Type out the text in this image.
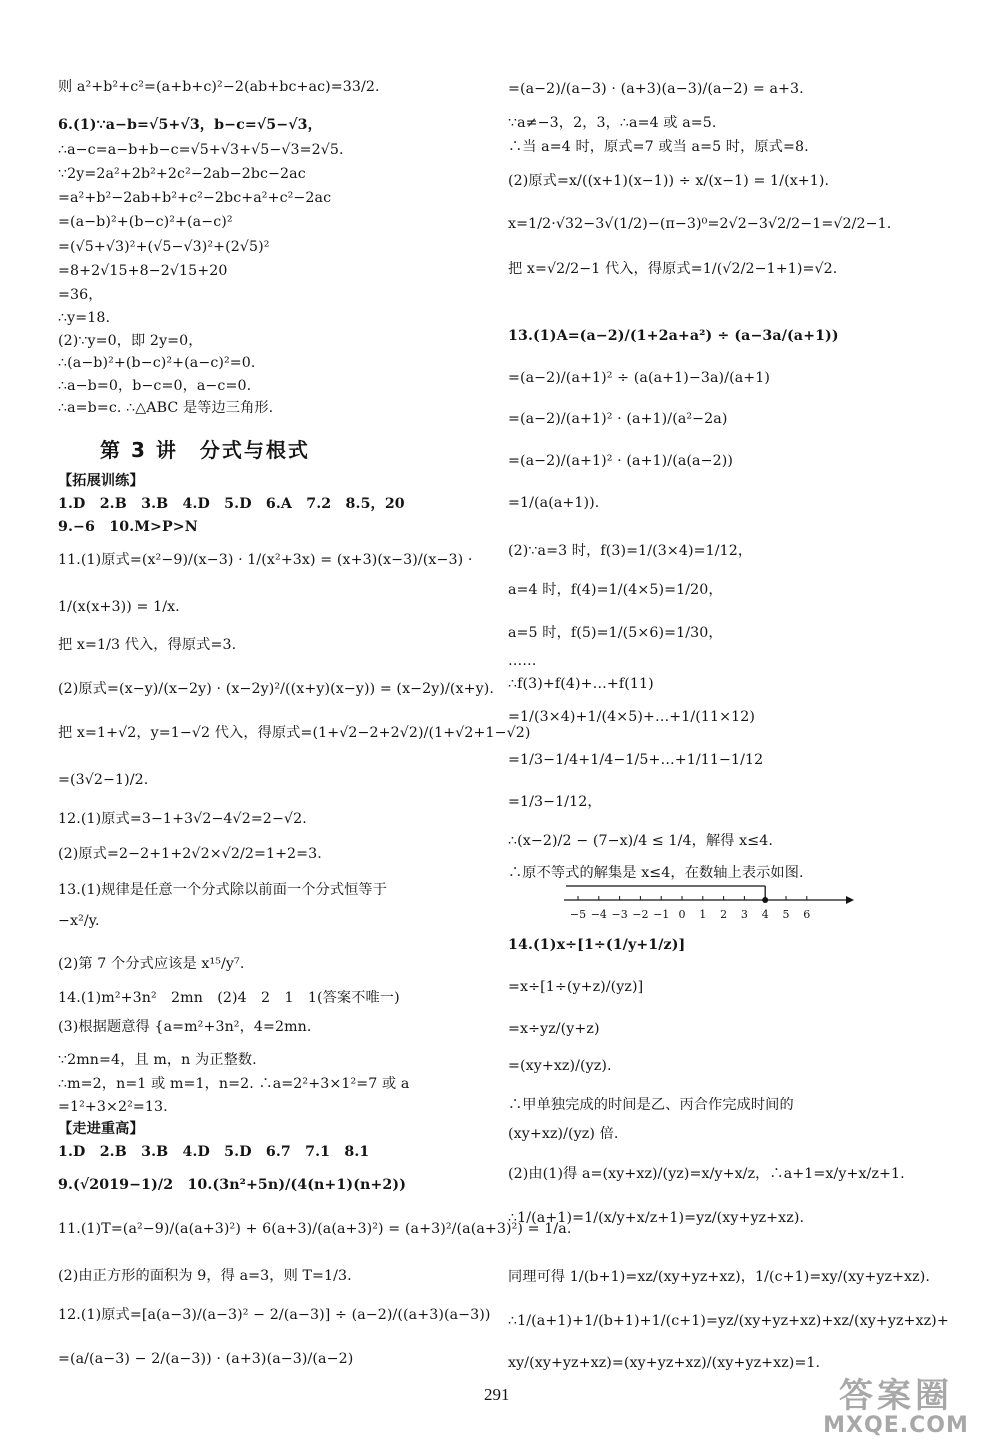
则 a²+b²+c²=(a+b+c)²−2(ab+bc+ac)=33/2.
6.(1)∵a−b=√5+√3，b−c=√5−√3，
∴a−c=a−b+b−c=√5+√3+√5−√3=2√5.
∵2y=2a²+2b²+2c²−2ab−2bc−2ac
=a²+b²−2ab+b²+c²−2bc+a²+c²−2ac
=(a−b)²+(b−c)²+(a−c)²
=(√5+√3)²+(√5−√3)²+(2√5)²
=8+2√15+8−2√15+20
=36，
∴y=18.
(2)∵y=0，即 2y=0，
∴(a−b)²+(b−c)²+(a−c)²=0.
∴a−b=0，b−c=0，a−c=0.
∴a=b=c. ∴△ABC 是等边三角形.
【拓展训练】
1.D　2.B　3.B　4.D　5.D　6.A　7.2　8.5，20
9.−6　10.M>P>N
11.(1)原式=(x²−9)/(x−3) · 1/(x²+3x) = (x+3)(x−3)/(x−3) ·
1/(x(x+3)) = 1/x.
把 x=1/3 代入，得原式=3.
(2)原式=(x−y)/(x−2y) · (x−2y)²/((x+y)(x−y)) = (x−2y)/(x+y).
把 x=1+√2，y=1−√2 代入，得原式=(1+√2−2+2√2)/(1+√2+1−√2)
=(3√2−1)/2.
12.(1)原式=3−1+3√2−4√2=2−√2.
(2)原式=2−2+1+2√2×√2/2=1+2=3.
13.(1)规律是任意一个分式除以前面一个分式恒等于
−x²/y.
(2)第 7 个分式应该是 x¹⁵/y⁷.
14.(1)m²+3n²　2mn　(2)4　2　1　1(答案不唯一)
(3)根据题意得 {a=m²+3n²，4=2mn.
∵2mn=4，且 m，n 为正整数.
∴m=2，n=1 或 m=1，n=2. ∴a=2²+3×1²=7 或 a
=1²+3×2²=13.
【走进重高】
1.D　2.B　3.B　4.D　5.D　6.7　7.1　8.1
9.(√2019−1)/2　10.(3n²+5n)/(4(n+1)(n+2))
11.(1)T=(a²−9)/(a(a+3)²) + 6(a+3)/(a(a+3)²) = (a+3)²/(a(a+3)²) = 1/a.
(2)由正方形的面积为 9，得 a=3，则 T=1/3.
12.(1)原式=[a(a−3)/(a−3)² − 2/(a−3)] ÷ (a−2)/((a+3)(a−3))
=(a/(a−3) − 2/(a−3)) · (a+3)(a−3)/(a−2)
第 3 讲　分式与根式
=(a−2)/(a−3) · (a+3)(a−3)/(a−2) = a+3.
∵a≠−3，2，3，∴a=4 或 a=5.
∴当 a=4 时，原式=7 或当 a=5 时，原式=8.
(2)原式=x/((x+1)(x−1)) ÷ x/(x−1) = 1/(x+1).
x=1/2·√32−3√(1/2)−(π−3)⁰=2√2−3√2/2−1=√2/2−1.
把 x=√2/2−1 代入，得原式=1/(√2/2−1+1)=√2.
13.(1)A=(a−2)/(1+2a+a²) ÷ (a−3a/(a+1))
=(a−2)/(a+1)² ÷ (a(a+1)−3a)/(a+1)
=(a−2)/(a+1)² · (a+1)/(a²−2a)
=(a−2)/(a+1)² · (a+1)/(a(a−2))
=1/(a(a+1)).
(2)∵a=3 时，f(3)=1/(3×4)=1/12，
a=4 时，f(4)=1/(4×5)=1/20，
a=5 时，f(5)=1/(5×6)=1/30，
……
∴f(3)+f(4)+…+f(11)
=1/(3×4)+1/(4×5)+…+1/(11×12)
=1/3−1/4+1/4−1/5+…+1/11−1/12
=1/3−1/12，
∴(x−2)/2 − (7−x)/4 ≤ 1/4，解得 x≤4.
∴原不等式的解集是 x≤4，在数轴上表示如图.
14.(1)x÷[1÷(1/y+1/z)]
=x÷[1÷(y+z)/(yz)]
=x÷yz/(y+z)
=(xy+xz)/(yz).
∴甲单独完成的时间是乙、丙合作完成时间的
(xy+xz)/(yz) 倍.
(2)由(1)得 a=(xy+xz)/(yz)=x/y+x/z，∴a+1=x/y+x/z+1.
∴1/(a+1)=1/(x/y+x/z+1)=yz/(xy+yz+xz).
同理可得 1/(b+1)=xz/(xy+yz+xz)，1/(c+1)=xy/(xy+yz+xz).
∴1/(a+1)+1/(b+1)+1/(c+1)=yz/(xy+yz+xz)+xz/(xy+yz+xz)+
xy/(xy+yz+xz)=(xy+yz+xz)/(xy+yz+xz)=1.
−5 −4 −3 −2 −1 0 1 2 3 4 5 6
291	答案圈
MXQE.COM
